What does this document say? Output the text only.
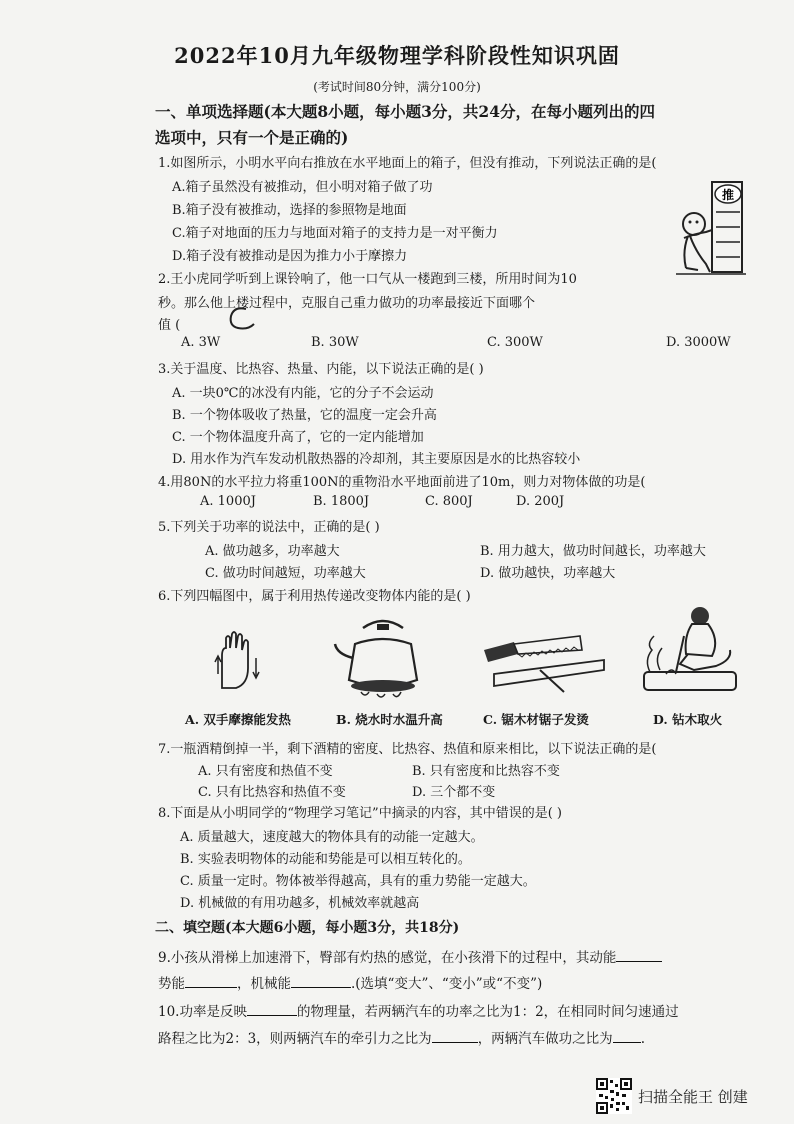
2022年10月九年级物理学科阶段性知识巩固
(考试时间80分钟，满分100分)
一、单项选择题(本大题8小题，每小题3分，共24分，在每小题列出的四
选项中，只有一个是正确的)
1.如图所示，小明水平向右推放在水平地面上的箱子，但没有推动，下列说法正确的是(
A.箱子虽然没有被推动，但小明对箱子做了功
B.箱子没有被推动，选择的参照物是地面
C.箱子对地面的压力与地面对箱子的支持力是一对平衡力
D.箱子没有被推动是因为推力小于摩擦力
推
2.王小虎同学听到上课铃响了，他一口气从一楼跑到三楼，所用时间为10
秒。那么他上楼过程中，克服自己重力做功的功率最接近下面哪个
值 (
A. 3W	B. 30W	C. 300W	D. 3000W
3.关于温度、比热容、热量、内能，以下说法正确的是( )
A. 一块0℃的冰没有内能，它的分子不会运动
B. 一个物体吸收了热量，它的温度一定会升高
C. 一个物体温度升高了，它的一定内能增加
D. 用水作为汽车发动机散热器的冷却剂，其主要原因是水的比热容较小
4.用80N的水平拉力将重100N的重物沿水平地面前进了10m，则力对物体做的功是(
A. 1000J	B. 1800J	C. 800J	D. 200J
5.下列关于功率的说法中，正确的是( )
A. 做功越多，功率越大	B. 用力越大，做功时间越长，功率越大
C. 做功时间越短，功率越大	D. 做功越快，功率越大
6.下列四幅图中，属于利用热传递改变物体内能的是( )
A. 双手摩擦能发热	B. 烧水时水温升高	C. 锯木材锯子发烫	D. 钻木取火
7.一瓶酒精倒掉一半，剩下酒精的密度、比热容、热值和原来相比，以下说法正确的是(
A. 只有密度和热值不变	B. 只有密度和比热容不变
C. 只有比热容和热值不变	D. 三个都不变
8.下面是从小明同学的“物理学习笔记”中摘录的内容，其中错误的是( )
A. 质量越大，速度越大的物体具有的动能一定越大。
B. 实验表明物体的动能和势能是可以相互转化的。
C. 质量一定时。物体被举得越高，具有的重力势能一定越大。
D. 机械做的有用功越多，机械效率就越高
二、填空题(本大题6小题，每小题3分，共18分)
9.小孩从滑梯上加速滑下，臀部有灼热的感觉，在小孩滑下的过程中，其动能
势能	，机械能	.(选填“变大”、“变小”或“不变”)
10.功率是反映	的物理量，若两辆汽车的功率之比为1：2，在相同时间匀速通过
路程之比为2：3，则两辆汽车的牵引力之比为	，两辆汽车做功之比为 .
扫描全能王 创建
